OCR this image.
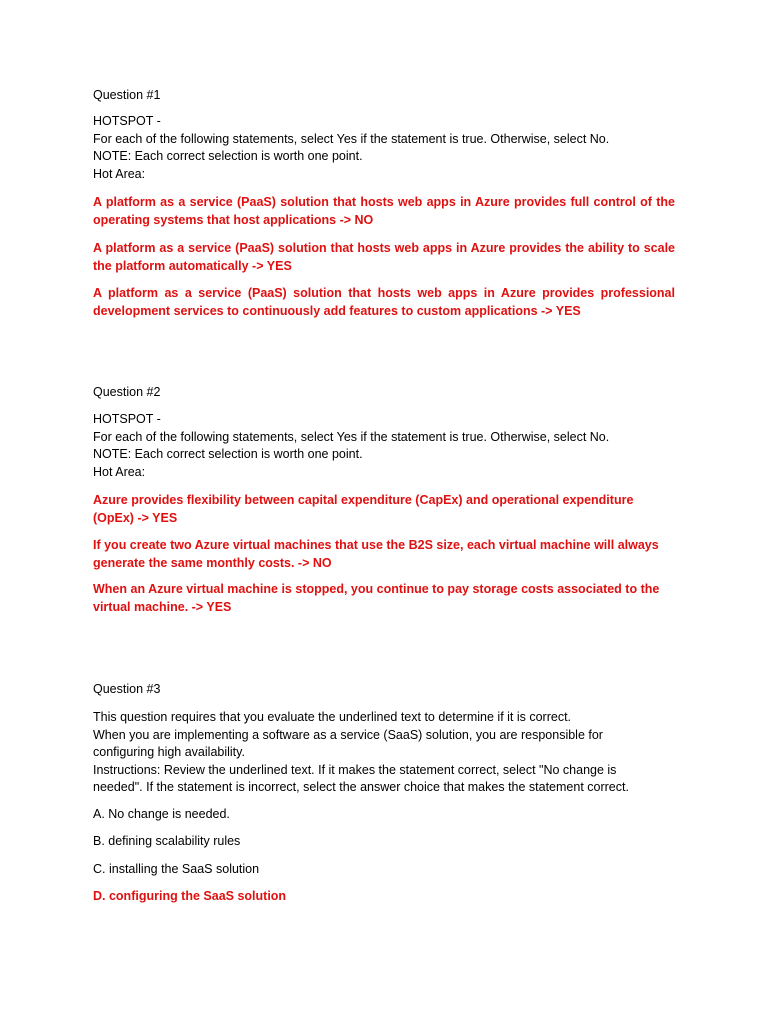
Question #1

HOTSPOT -
For each of the following statements, select Yes if the statement is true. Otherwise, select No.
NOTE: Each correct selection is worth one point.
Hot Area:

A platform as a service (PaaS) solution that hosts web apps in Azure provides full control of the operating systems that host applications -> NO

A platform as a service (PaaS) solution that hosts web apps in Azure provides the ability to scale the platform automatically -> YES

A platform as a service (PaaS) solution that hosts web apps in Azure provides professional development services to continuously add features to custom applications -> YES

Question #2

HOTSPOT -
For each of the following statements, select Yes if the statement is true. Otherwise, select No.
NOTE: Each correct selection is worth one point.
Hot Area:

Azure provides flexibility between capital expenditure (CapEx) and operational expenditure (OpEx) -> YES

If you create two Azure virtual machines that use the B2S size, each virtual machine will always generate the same monthly costs. -> NO

When an Azure virtual machine is stopped, you continue to pay storage costs associated to the virtual machine. -> YES

Question #3

This question requires that you evaluate the underlined text to determine if it is correct.
When you are implementing a software as a service (SaaS) solution, you are responsible for
configuring high availability.
Instructions: Review the underlined text. If it makes the statement correct, select "No change is
needed". If the statement is incorrect, select the answer choice that makes the statement correct.

A. No change is needed.

B. defining scalability rules

C. installing the SaaS solution

D. configuring the SaaS solution
